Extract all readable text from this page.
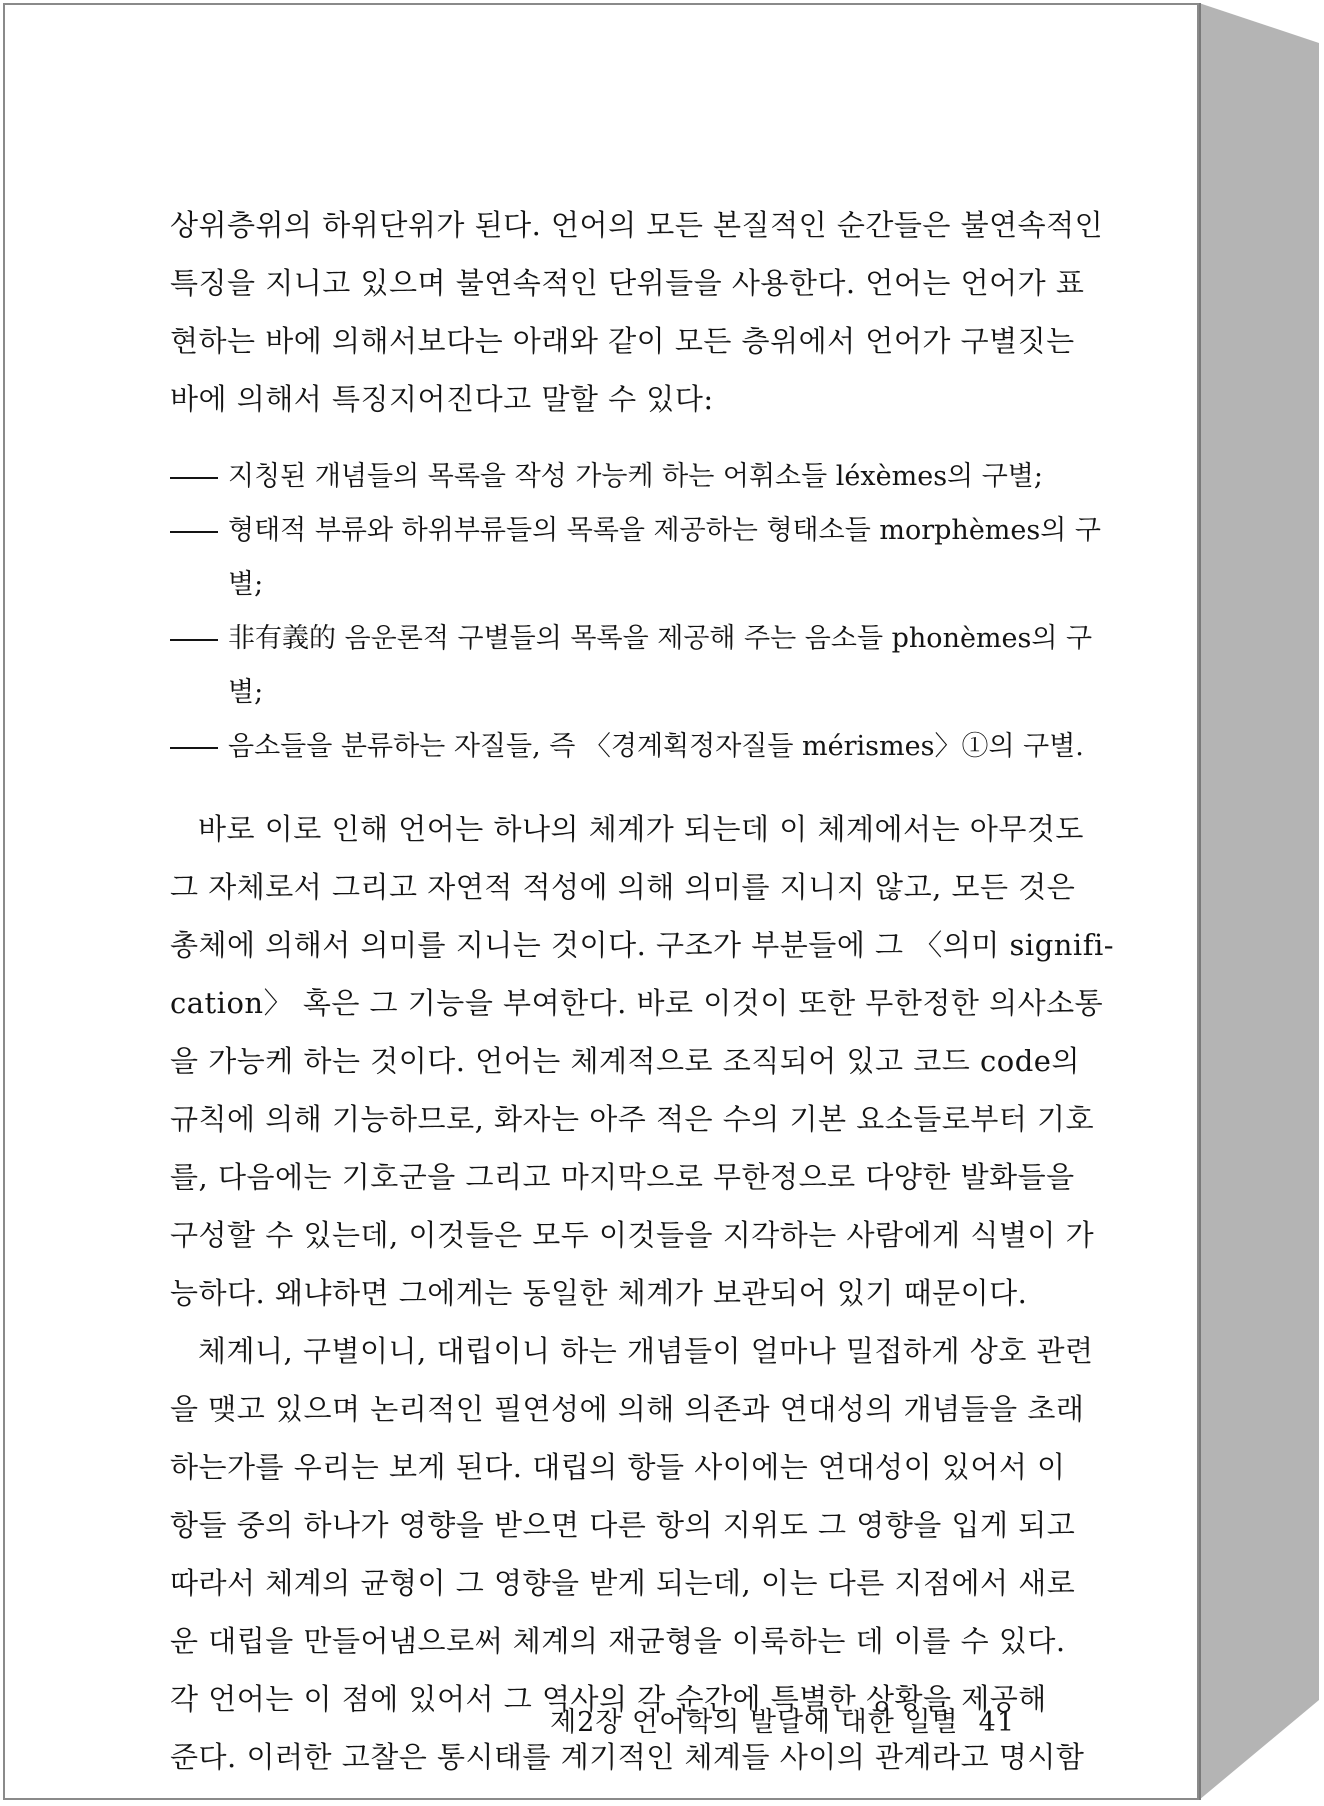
상위층위의 하위단위가 된다. 언어의 모든 본질적인 순간들은 불연속적인
특징을 지니고 있으며 불연속적인 단위들을 사용한다. 언어는 언어가 표
현하는 바에 의해서보다는 아래와 같이 모든 층위에서 언어가 구별짓는
바에 의해서 특징지어진다고 말할 수 있다:

지칭된 개념들의 목록을 작성 가능케 하는 어휘소들 léxèmes의 구별;
형태적 부류와 하위부류들의 목록을 제공하는 형태소들 morphèmes의 구
별;
非有義的 음운론적 구별들의 목록을 제공해 주는 음소들 phonèmes의 구
별;
음소들을 분류하는 자질들, 즉 〈경계획정자질들 mérismes〉①의 구별.

바로 이로 인해 언어는 하나의 체계가 되는데 이 체계에서는 아무것도
그 자체로서 그리고 자연적 적성에 의해 의미를 지니지 않고, 모든 것은
총체에 의해서 의미를 지니는 것이다. 구조가 부분들에 그 〈의미 signifi-
cation〉 혹은 그 기능을 부여한다. 바로 이것이 또한 무한정한 의사소통
을 가능케 하는 것이다. 언어는 체계적으로 조직되어 있고 코드 code의
규칙에 의해 기능하므로, 화자는 아주 적은 수의 기본 요소들로부터 기호
를, 다음에는 기호군을 그리고 마지막으로 무한정으로 다양한 발화들을
구성할 수 있는데, 이것들은 모두 이것들을 지각하는 사람에게 식별이 가
능하다. 왜냐하면 그에게는 동일한 체계가 보관되어 있기 때문이다.

체계니, 구별이니, 대립이니 하는 개념들이 얼마나 밀접하게 상호 관련
을 맺고 있으며 논리적인 필연성에 의해 의존과 연대성의 개념들을 초래
하는가를 우리는 보게 된다. 대립의 항들 사이에는 연대성이 있어서 이
항들 중의 하나가 영향을 받으면 다른 항의 지위도 그 영향을 입게 되고
따라서 체계의 균형이 그 영향을 받게 되는데, 이는 다른 지점에서 새로
운 대립을 만들어냄으로써 체계의 재균형을 이룩하는 데 이를 수 있다.
각 언어는 이 점에 있어서 그 역사의 각 순간에 특별한 상황을 제공해
준다. 이러한 고찰은 통시태를 계기적인 체계들 사이의 관계라고 명시함

제2장 언어학의 발달에 대한 일별 41
